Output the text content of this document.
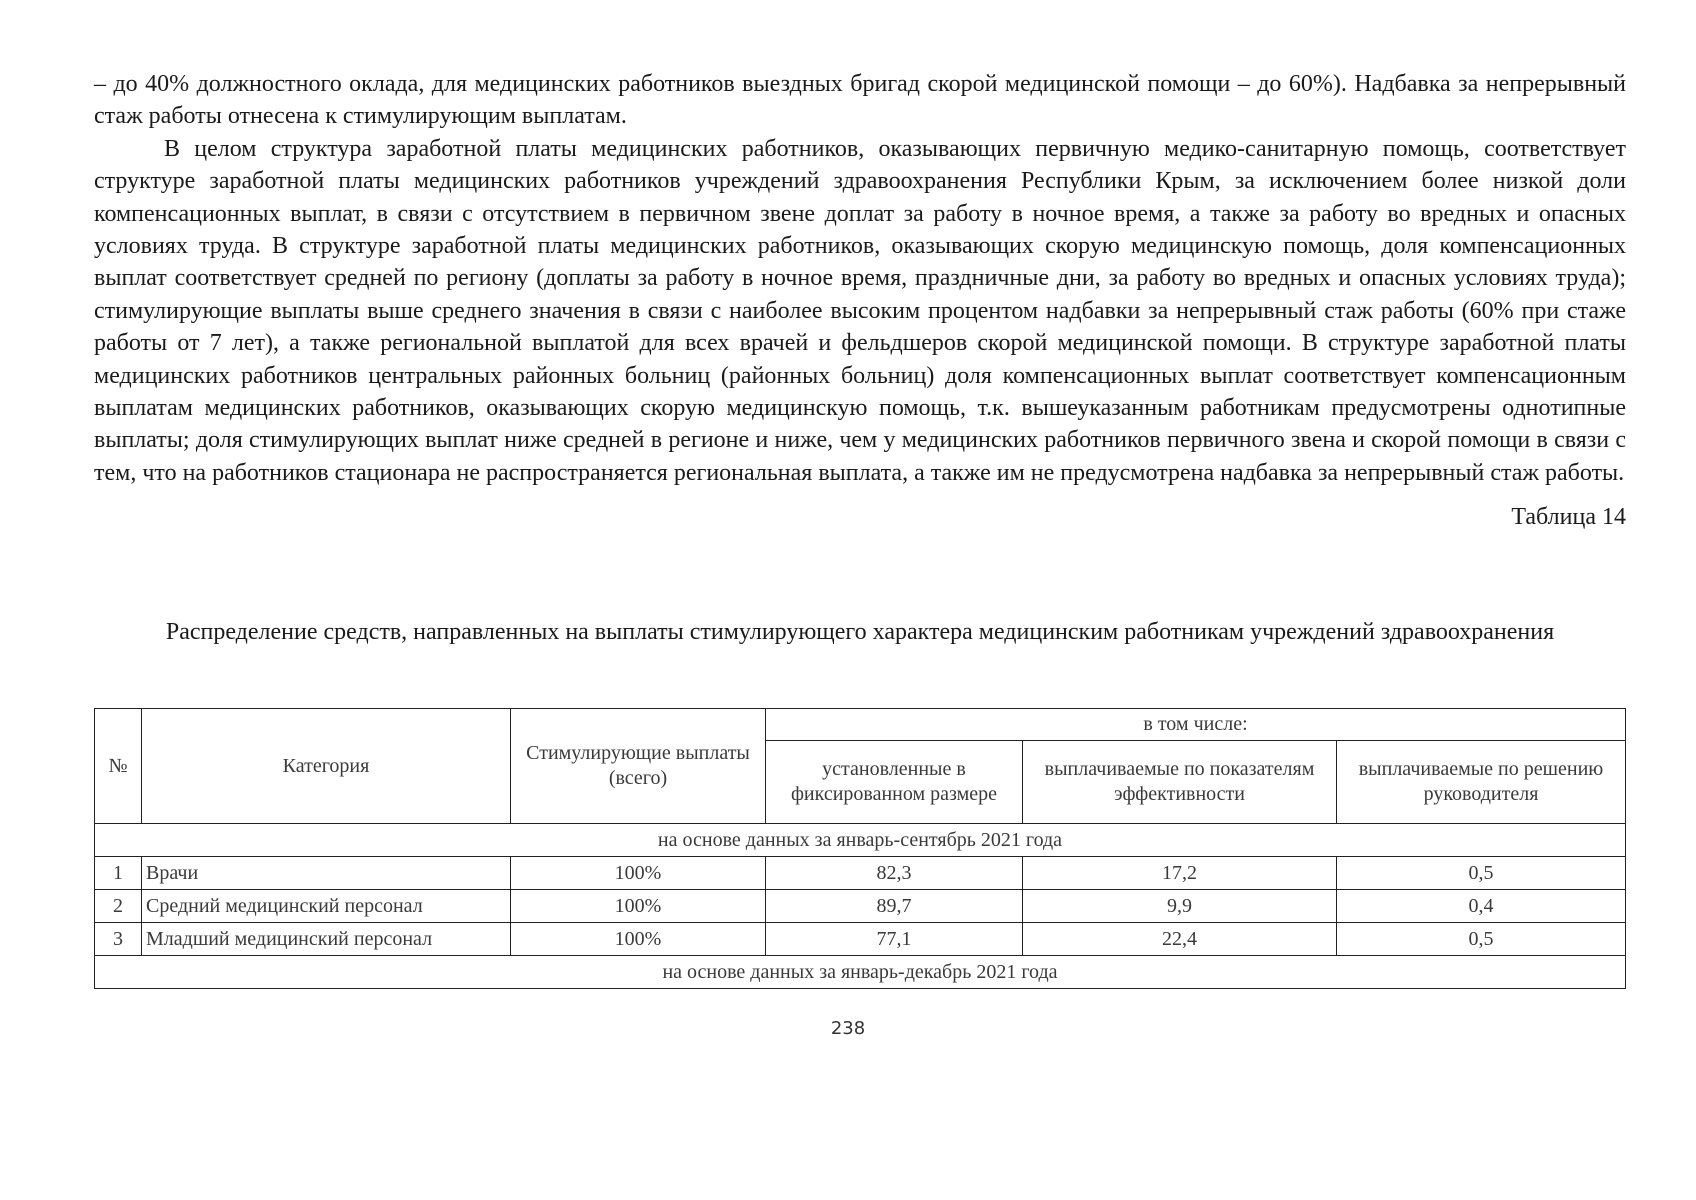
– до 40% должностного оклада, для медицинских работников выездных бригад скорой медицинской помощи – до 60%). Надбавка за непрерывный стаж работы отнесена к стимулирующим выплатам.

В целом структура заработной платы медицинских работников, оказывающих первичную медико-санитарную помощь, соответствует структуре заработной платы медицинских работников учреждений здравоохранения Республики Крым, за исключением более низкой доли компенсационных выплат, в связи с отсутствием в первичном звене доплат за работу в ночное время, а также за работу во вредных и опасных условиях труда. В структуре заработной платы медицинских работников, оказывающих скорую медицинскую помощь, доля компенсационных выплат соответствует средней по региону (доплаты за работу в ночное время, праздничные дни, за работу во вредных и опасных условиях труда); стимулирующие выплаты выше среднего значения в связи с наиболее высоким процентом надбавки за непрерывный стаж работы (60% при стаже работы от 7 лет), а также региональной выплатой для всех врачей и фельдшеров скорой медицинской помощи. В структуре заработной платы медицинских работников центральных районных больниц (районных больниц) доля компенсационных выплат соответствует компенсационным выплатам медицинских работников, оказывающих скорую медицинскую помощь, т.к. вышеуказанным работникам предусмотрены однотипные выплаты; доля стимулирующих выплат ниже средней в регионе и ниже, чем у медицинских работников первичного звена и скорой помощи в связи с тем, что на работников стационара не распространяется региональная выплата, а также им не предусмотрена надбавка за непрерывный стаж работы.

Таблица 14

Распределение средств, направленных на выплаты стимулирующего характера медицинским работникам учреждений здравоохранения
№	Категория	Стимулирующие выплаты (всего)	в том числе:		
			установленные в фиксированном размере	выплачиваемые по показателям эффективности	выплачиваемые по решению руководителя
на основе данных за январь-сентябрь 2021 года					
1	Врачи	100%	82,3	17,2	0,5
2	Средний медицинский персонал	100%	89,7	9,9	0,4
3	Младший медицинский персонал	100%	77,1	22,4	0,5
на основе данных за январь-декабрь 2021 года					
238
